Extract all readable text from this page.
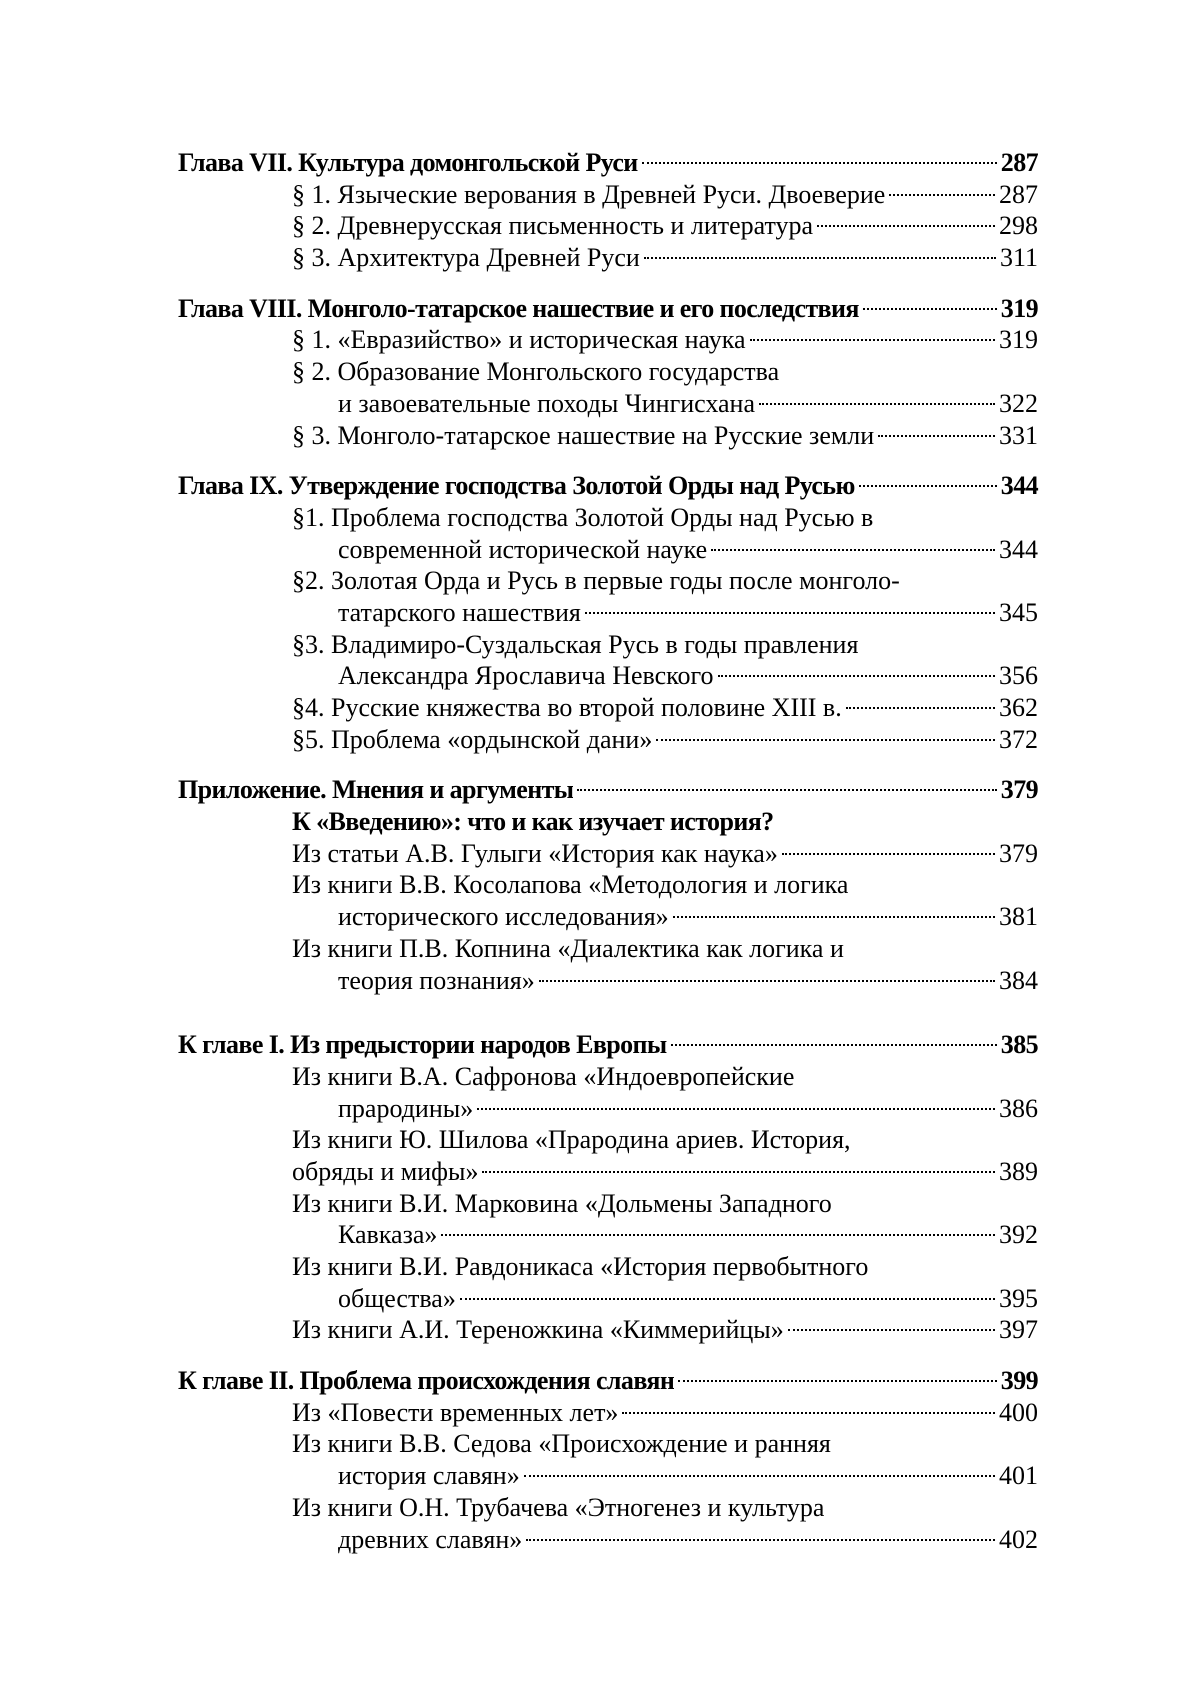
Глава VII. Культура домонгольской Руси	287
§ 1. Языческие верования в Древней Руси. Двоеверие	287
§ 2. Древнерусская письменность и литература	298
§ 3. Архитектура Древней Руси	311
Глава VIII. Монголо-татарское нашествие и его последствия	319
§ 1. «Евразийство» и историческая наука	319
§ 2. Образование Монгольского государства
и завоевательные походы Чингисхана	322
§ 3. Монголо-татарское нашествие на Русские земли	331
Глава IX. Утверждение господства Золотой Орды над Русью	344
§1. Проблема господства Золотой Орды над Русью в
современной исторической науке	344
§2. Золотая Орда и Русь в первые годы после монголо-
татарского нашествия	345
§3. Владимиро-Суздальская Русь в годы правления
Александра Ярославича Невского	356
§4. Русские княжества во второй половине XIII в.	362
§5. Проблема «ордынской дани»	372
Приложение. Мнения и аргументы	379
К «Введению»: что и как изучает история?
Из статьи А.В. Гулыги «История как наука»	379
Из книги В.В. Косолапова «Методология и логика
исторического исследования»	381
Из книги П.В. Копнина «Диалектика как логика и
теория познания»	384
К главе I. Из предыстории народов Европы	385
Из книги В.А. Сафронова «Индоевропейские
прародины»	386
Из книги Ю. Шилова «Прародина ариев. История,
обряды и мифы»	389
Из книги В.И. Марковина «Дольмены Западного
Кавказа»	392
Из книги В.И. Равдоникаса «История первобытного
общества»	395
Из книги А.И. Тереножкина «Киммерийцы»	397
К главе II. Проблема происхождения славян	399
Из «Повести временных лет»	400
Из книги В.В. Седова «Происхождение и ранняя
история славян»	401
Из книги О.Н. Трубачева «Этногенез и культура
древних славян»	402
